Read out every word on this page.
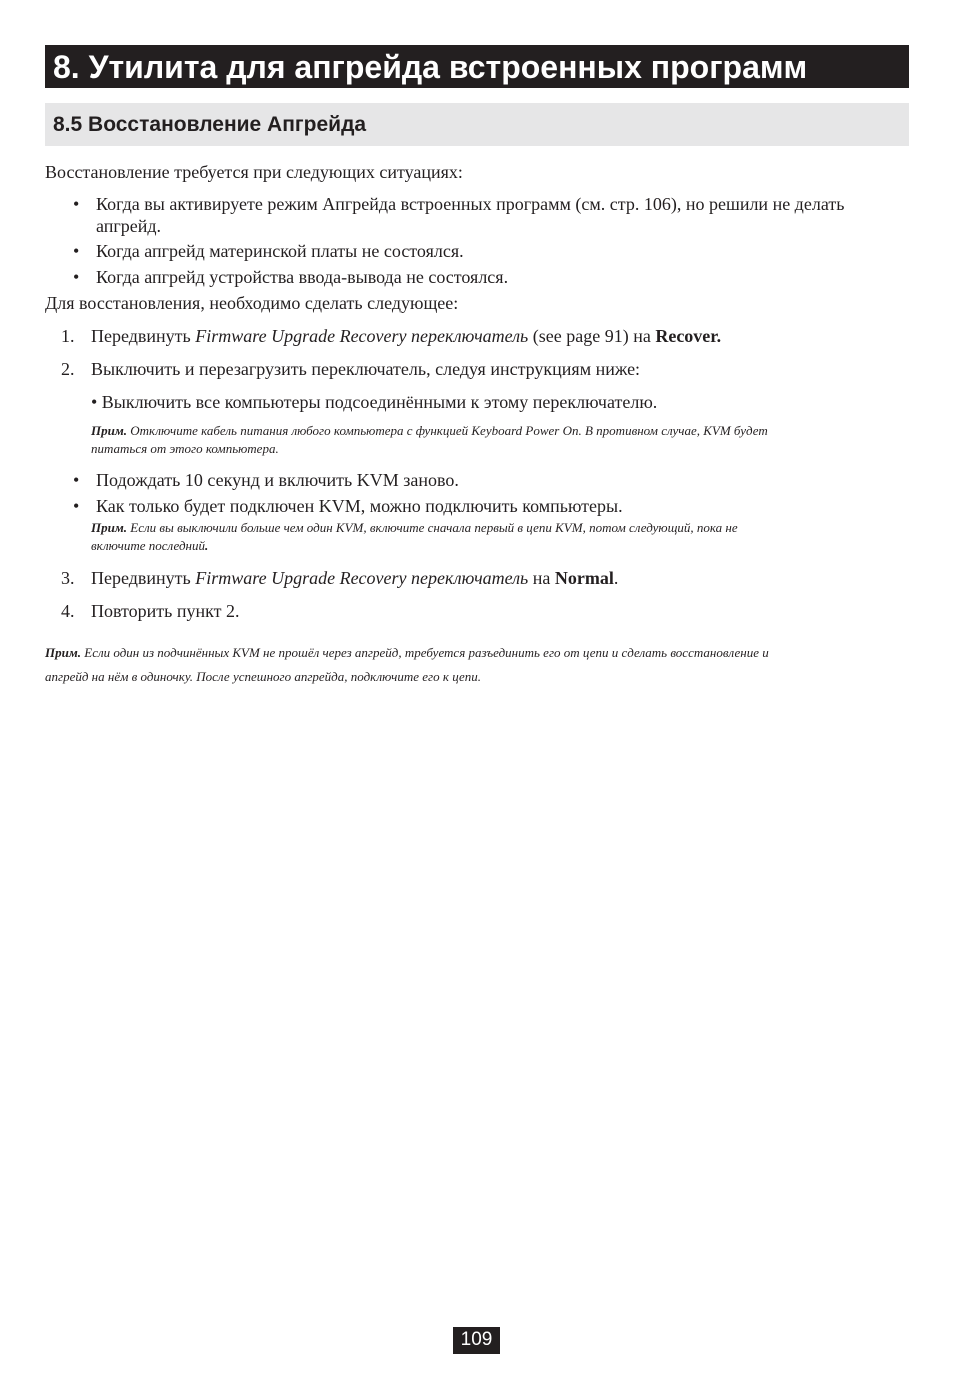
8. Утилита для апгрейда встроенных программ
8.5 Восстановление Апгрейда
Восстановление требуется при следующих ситуациях:
• Когда вы активируете режим Апгрейда встроенных программ (см. стр. 106), но решили не делать
апгрейд.
• Когда апгрейд материнской платы не состоялся.
• Когда апгрейд устройства ввода-вывода не состоялся.
Для восстановления, необходимо сделать следующее:
1. Передвинуть Firmware Upgrade Recovery переключатель (see page 91) на Recover.
2. Выключить и перезагрузить переключатель, следуя инструкциям ниже:
• Выключить все компьютеры подсоединёнными к этому переключателю.
Прим. Отключите кабель питания любого компьютера с функцией Keyboard Power On. В противном случае, KVM будет
питаться от этого компьютера.
• Подождать 10 секунд и включить KVM заново.
• Как только будет подключен KVM, можно подключить компьютеры.
Прим. Если вы выключили больше чем один KVM, включите сначала первый в цепи KVM, потом следующий, пока не
включите последний.
3. Передвинуть Firmware Upgrade Recovery переключатель на Normal.
4. Повторить пункт 2.
Прим. Если один из подчинённых KVM не прошёл через апгрейд, требуется разъединить его от цепи и сделать восстановление и
апгрейд на нём в одиночку. После успешного апгрейда, подключите его к цепи.
109
